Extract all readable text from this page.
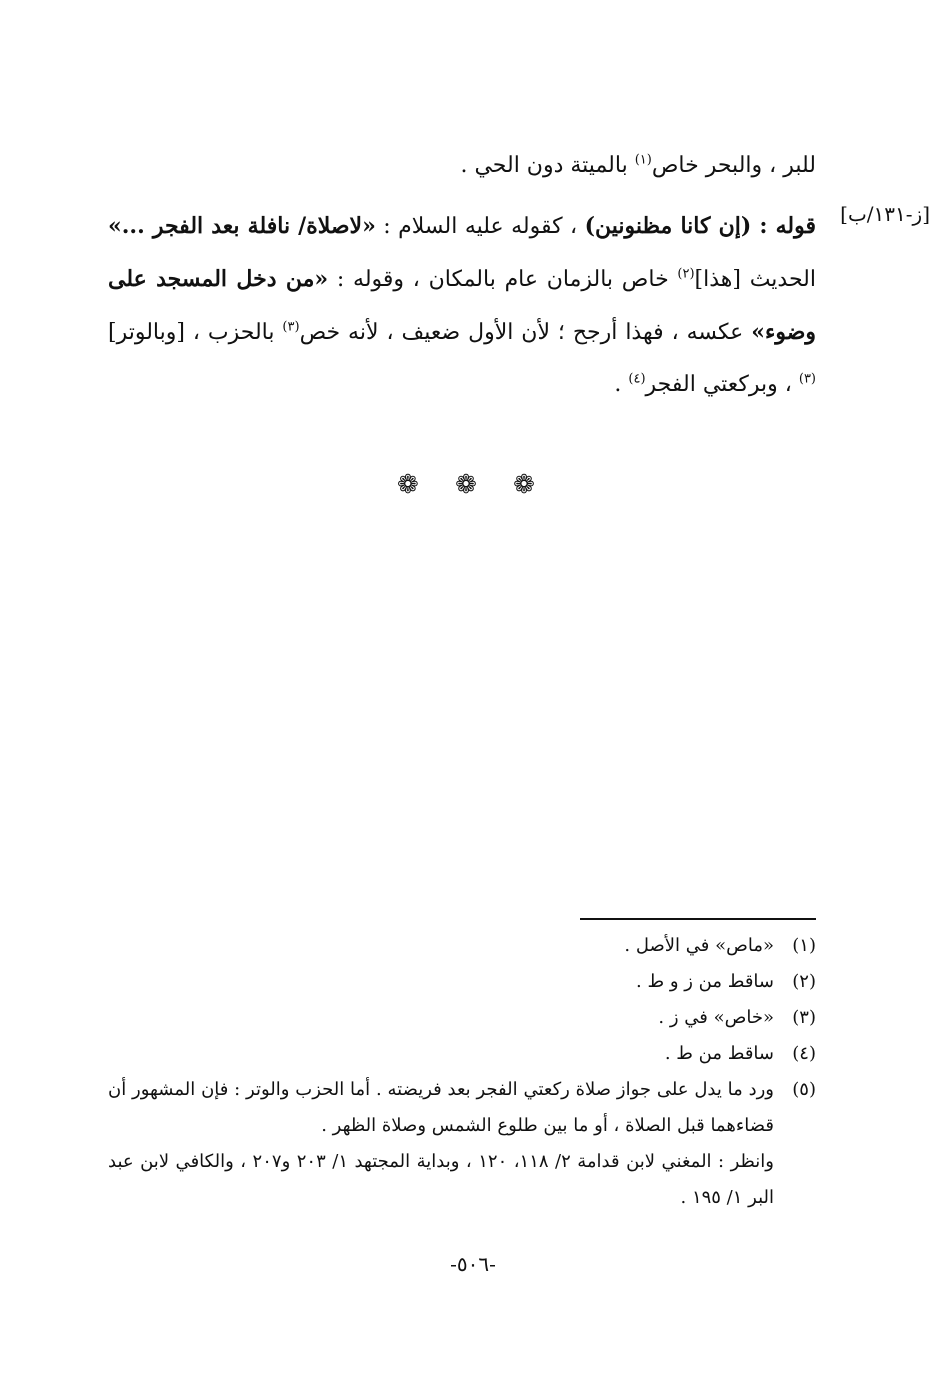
للبر ، والبحر خاص$^{(١)}$ بالميتة دون الحي .
[ز-١٣١/ب]
قوله : (إن كانا مظنونين) ، كقوله عليه السلام : «لاصلاة/ نافلة بعد الفجر ...» الحديث [هذا]$^{(٢)}$ خاص بالزمان عام بالمكان ، وقوله : «من دخل المسجد على وضوء» عكسه ، فهذا أرجح ؛ لأن الأول ضعيف ، لأنه خص$^{(٣)}$ بالحزب ، [وبالوتر]$^{(٣)}$ ، وبركعتي الفجر$^{(٤)}$ .
❁ ❁ ❁
(١)
«ماص» في الأصل .
(٢)
ساقط من ز و ط .
(٣)
«خاص» في ز .
(٤)
ساقط من ط .
(٥)
ورد ما يدل على جواز صلاة ركعتي الفجر بعد فريضته . أما الحزب والوتر : فإن المشهور أن قضاءهما قبل الصلاة ، أو ما بين طلوع الشمس وصلاة الظهر .
وانظر : المغني لابن قدامة ٢/ ١١٨، ١٢٠ ، وبداية المجتهد ١/ ٢٠٣ و٢٠٧ ، والكافي لابن عبد البر ١/ ١٩٥ .
-٥٠٦-
